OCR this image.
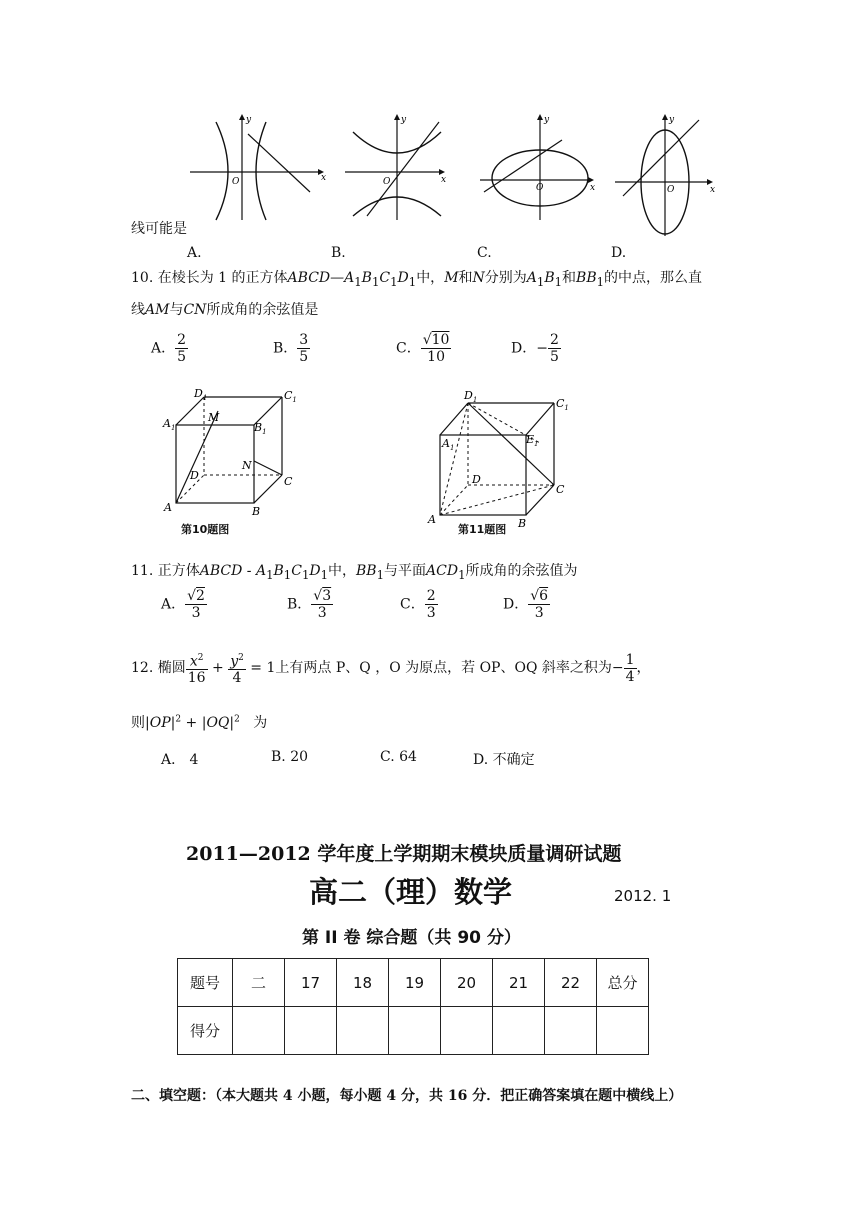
y
x
O
y
x
O
y
x
O
y
x
O
线可能是
A.	B.	C.	D.
10. 在棱长为 1 的正方体$ABCD—A_1B_1C_1D_1$中，M和N分别为$A_1B_1$和$BB_1$的中点，那么直
线AM与CN所成角的余弦值是
A． $\frac{2}{5}$	B． $\frac{3}{5}$	C． $\frac{√10}{10}$	D．− $\frac{2}{5}$
$D_1$	$C_1$
$A_1$	$B_1$
M
N
D	C
A	B
第10题图
$D_1$	$C_1$
$A_1$
$E_1$
D
C
A	B
第11题图
11. 正方体ABCD - $A_1B_1C_1D_1$中，$BB_1$与平面$ACD_1$所成角的余弦值为
A． $\frac{√2}{3}$	B． $\frac{√3}{3}$	C． $\frac{2}{3}$	D． $\frac{√6}{3}$
12. 椭圆 $\frac{x^2}{16} + \frac{y^2}{4} = 1$上有两点 P、Q ，O 为原点，若 OP、OQ 斜率之积为− $\frac{1}{4}$ ，
则$|OP|^2 + |OQ|^2$ 为
A． 4	B. 20	C. 64	D. 不确定
2011—2012 学年度上学期期末模块质量调研试题
高二（理）数学	2012. 1
第 II 卷 综合题（共 90 分）
题号	二	17	18	19	20	21	22	总分
得分								
二、填空题：（本大题共 4 小题，每小题 4 分，共 16 分．把正确答案填在题中横线上）
